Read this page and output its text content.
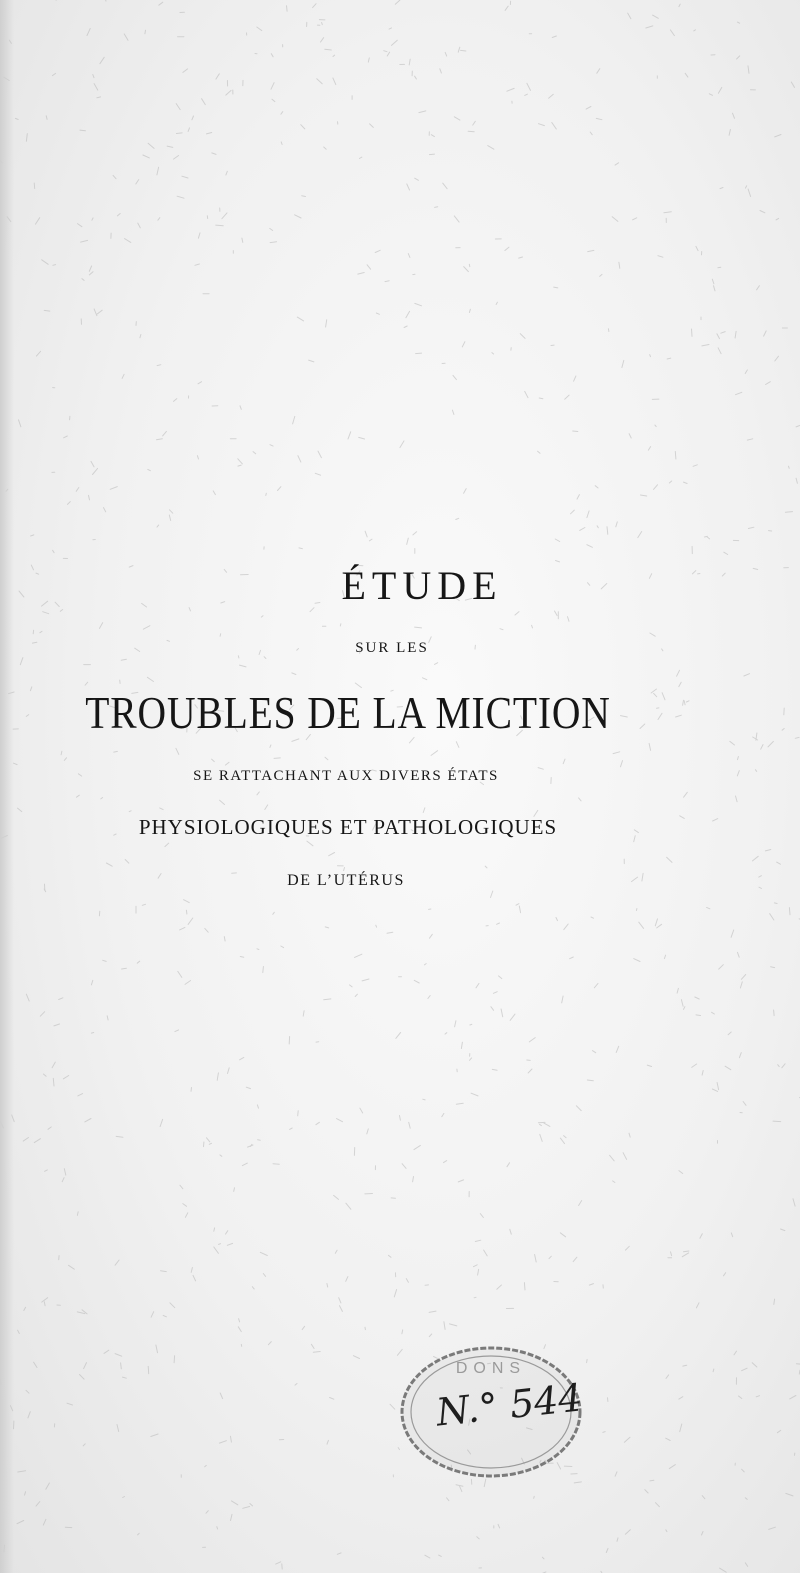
ÉTUDE
SUR LES
TROUBLES DE LA MICTION
SE RATTACHANT AUX DIVERS ÉTATS
PHYSIOLOGIQUES ET PATHOLOGIQUES
DE L’UTÉRUS
DONS
N.° 544
